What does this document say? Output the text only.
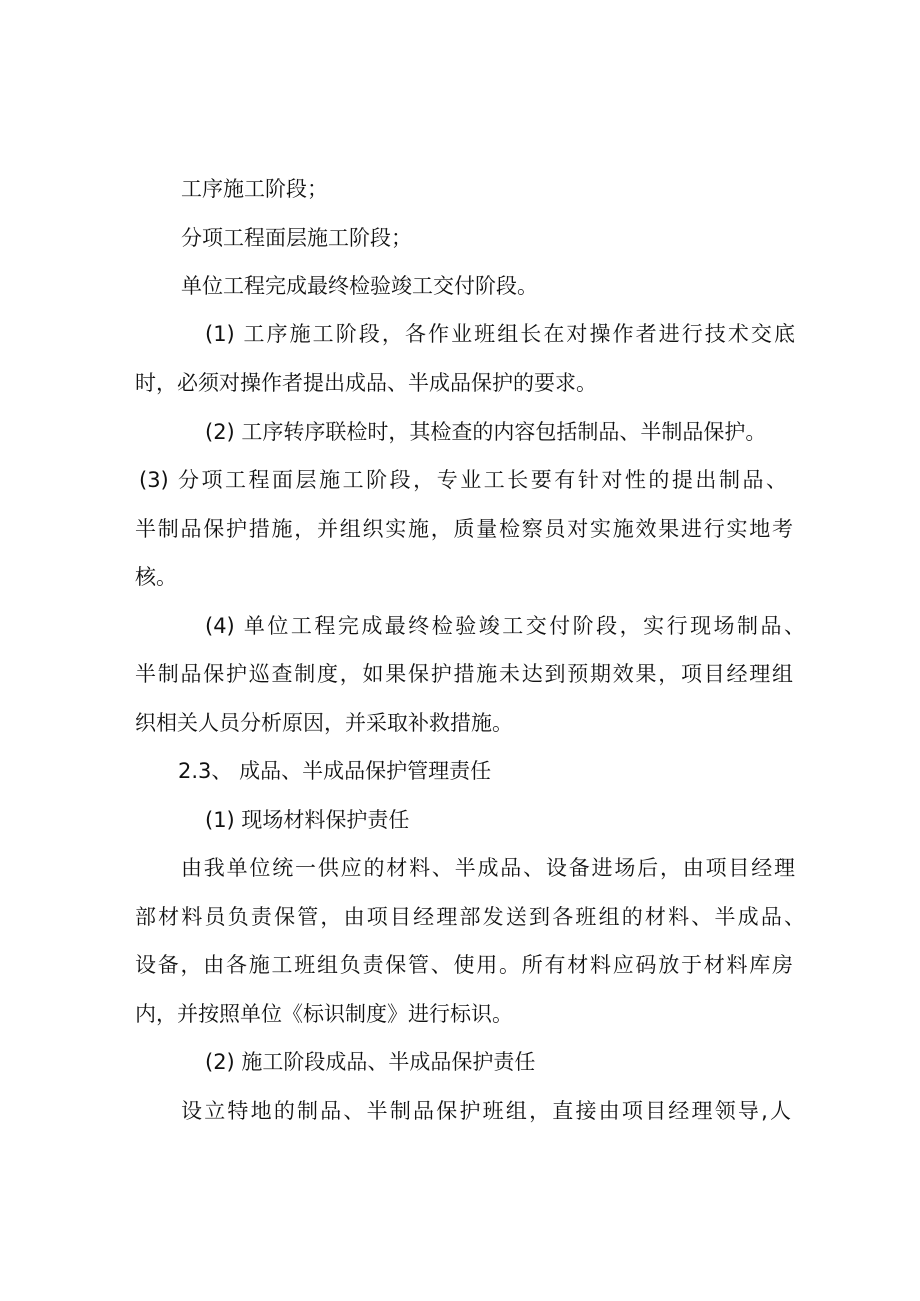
工序施工阶段；

分项工程面层施工阶段；

单位工程完成最终检验竣工交付阶段。

(1) 工序施工阶段，各作业班组长在对操作者进行技术交底

时，必须对操作者提出成品、半成品保护的要求。

(2) 工序转序联检时，其检查的内容包括制品、半制品保护。

(3) 分项工程面层施工阶段，专业工长要有针对性的提出制品、

半制品保护措施，并组织实施，质量检察员对实施效果进行实地考

核。

(4) 单位工程完成最终检验竣工交付阶段，实行现场制品、

半制品保护巡查制度，如果保护措施未达到预期效果，项目经理组

织相关人员分析原因，并采取补救措施。

2.3、 成品、半成品保护管理责任

(1) 现场材料保护责任

由我单位统一供应的材料、半成品、设备进场后，由项目经理

部材料员负责保管，由项目经理部发送到各班组的材料、半成品、

设备，由各施工班组负责保管、使用。所有材料应码放于材料库房

内，并按照单位《标识制度》进行标识。

(2) 施工阶段成品、半成品保护责任

设立特地的制品、半制品保护班组，直接由项目经理领导,人
